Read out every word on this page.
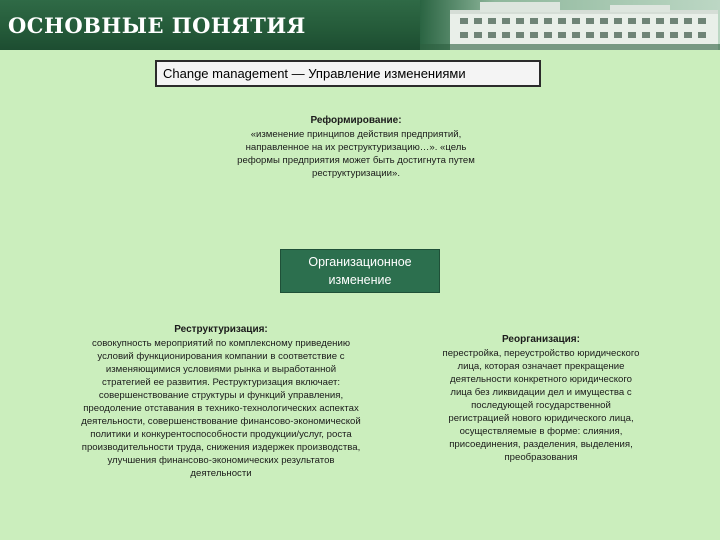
ОСНОВНЫЕ ПОНЯТИЯ
Change management — Управление изменениями
Реформирование:
«изменение принципов действия предприятий,
направленное на их реструктуризацию…». «цель
реформы предприятия может быть достигнута путем
реструктуризации».
Организационное
изменение
Реструктуризация:
совокупность мероприятий по комплексному приведению
условий функционирования компании в соответствие с
изменяющимися условиями рынка и выработанной
стратегией ее развития. Реструктуризация включает:
совершенствование структуры и функций управления,
преодоление отставания в технико-технологических аспектах
деятельности, совершенствование финансово-экономической
политики и конкурентоспособности продукции/услуг, роста
производительности труда, снижения издержек производства,
улучшения финансово-экономических результатов
деятельности
Реорганизация:
перестройка, переустройство юридического
лица, которая означает прекращение
деятельности конкретного юридического
лица без ликвидации дел и имущества с
последующей государственной
регистрацией нового юридического лица,
осуществляемые в форме: слияния,
присоединения, разделения, выделения,
преобразования
